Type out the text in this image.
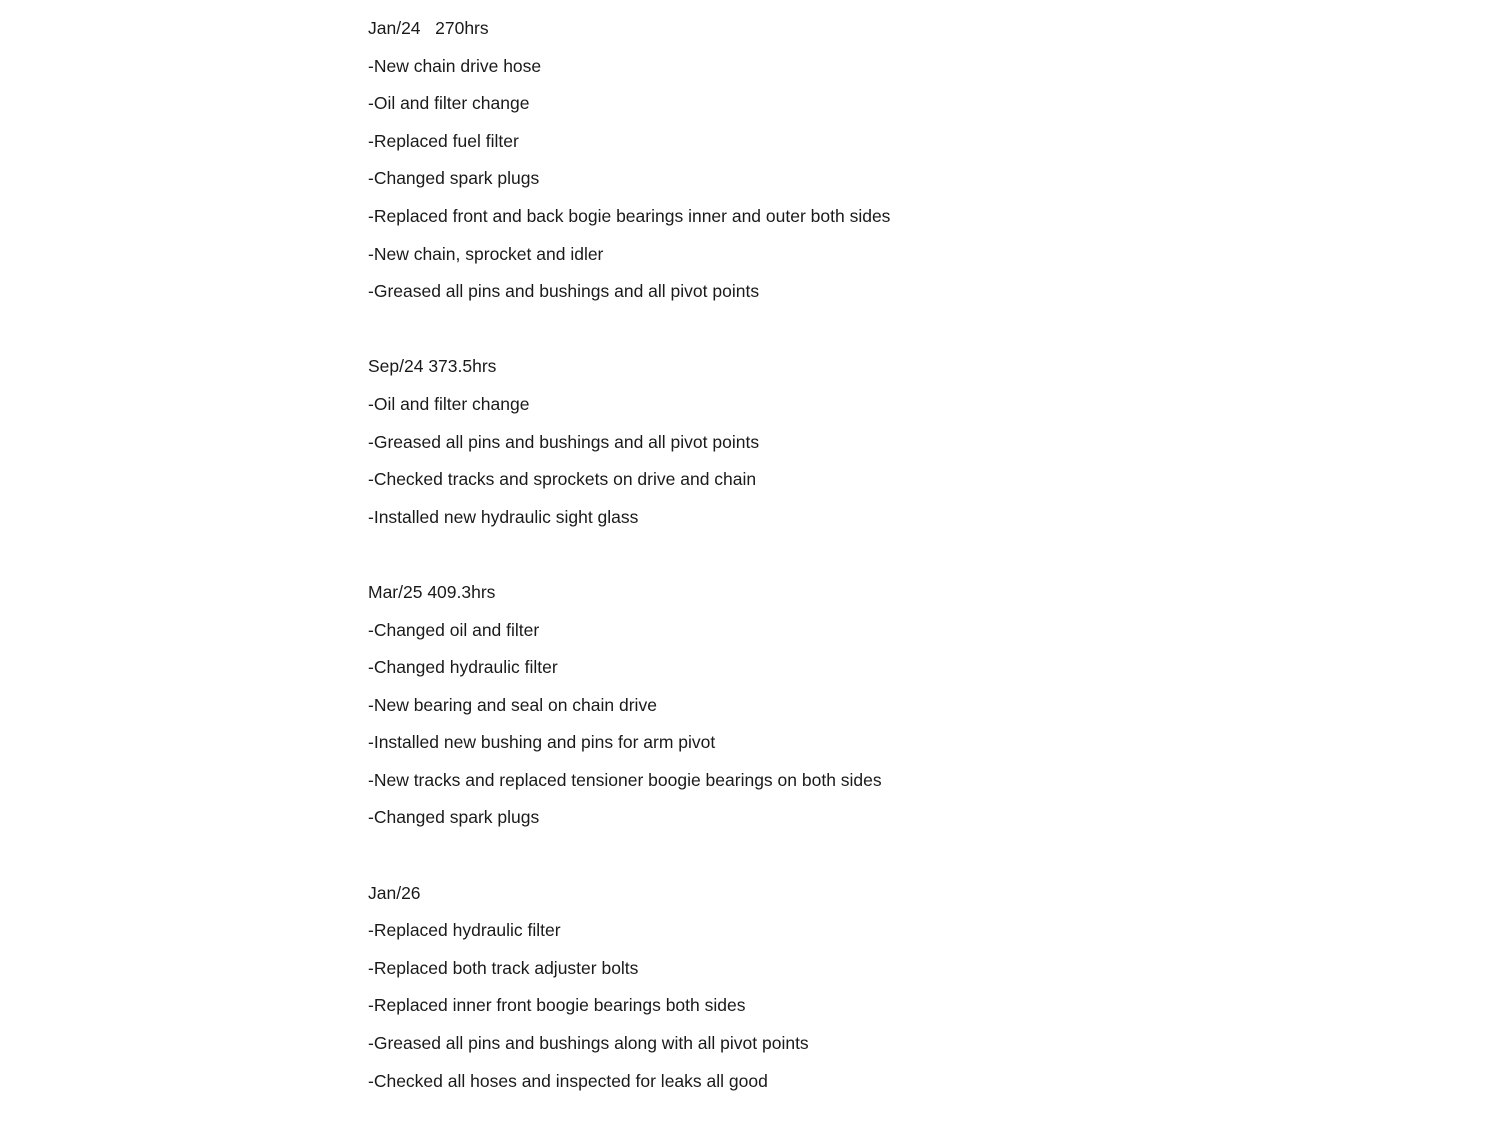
Jan/24   270hrs
-New chain drive hose
-Oil and filter change
-Replaced fuel filter
-Changed spark plugs
-Replaced front and back bogie bearings inner and outer both sides
-New chain, sprocket and idler
-Greased all pins and bushings and all pivot points
Sep/24 373.5hrs
-Oil and filter change
-Greased all pins and bushings and all pivot points
-Checked tracks and sprockets on drive and chain
-Installed new hydraulic sight glass
Mar/25 409.3hrs
-Changed oil and filter
-Changed hydraulic filter
-New bearing and seal on chain drive
-Installed new bushing and pins for arm pivot
-New tracks and replaced tensioner boogie bearings on both sides
-Changed spark plugs
Jan/26
-Replaced hydraulic filter
-Replaced both track adjuster bolts
-Replaced inner front boogie bearings both sides
-Greased all pins and bushings along with all pivot points
-Checked all hoses and inspected for leaks all good
